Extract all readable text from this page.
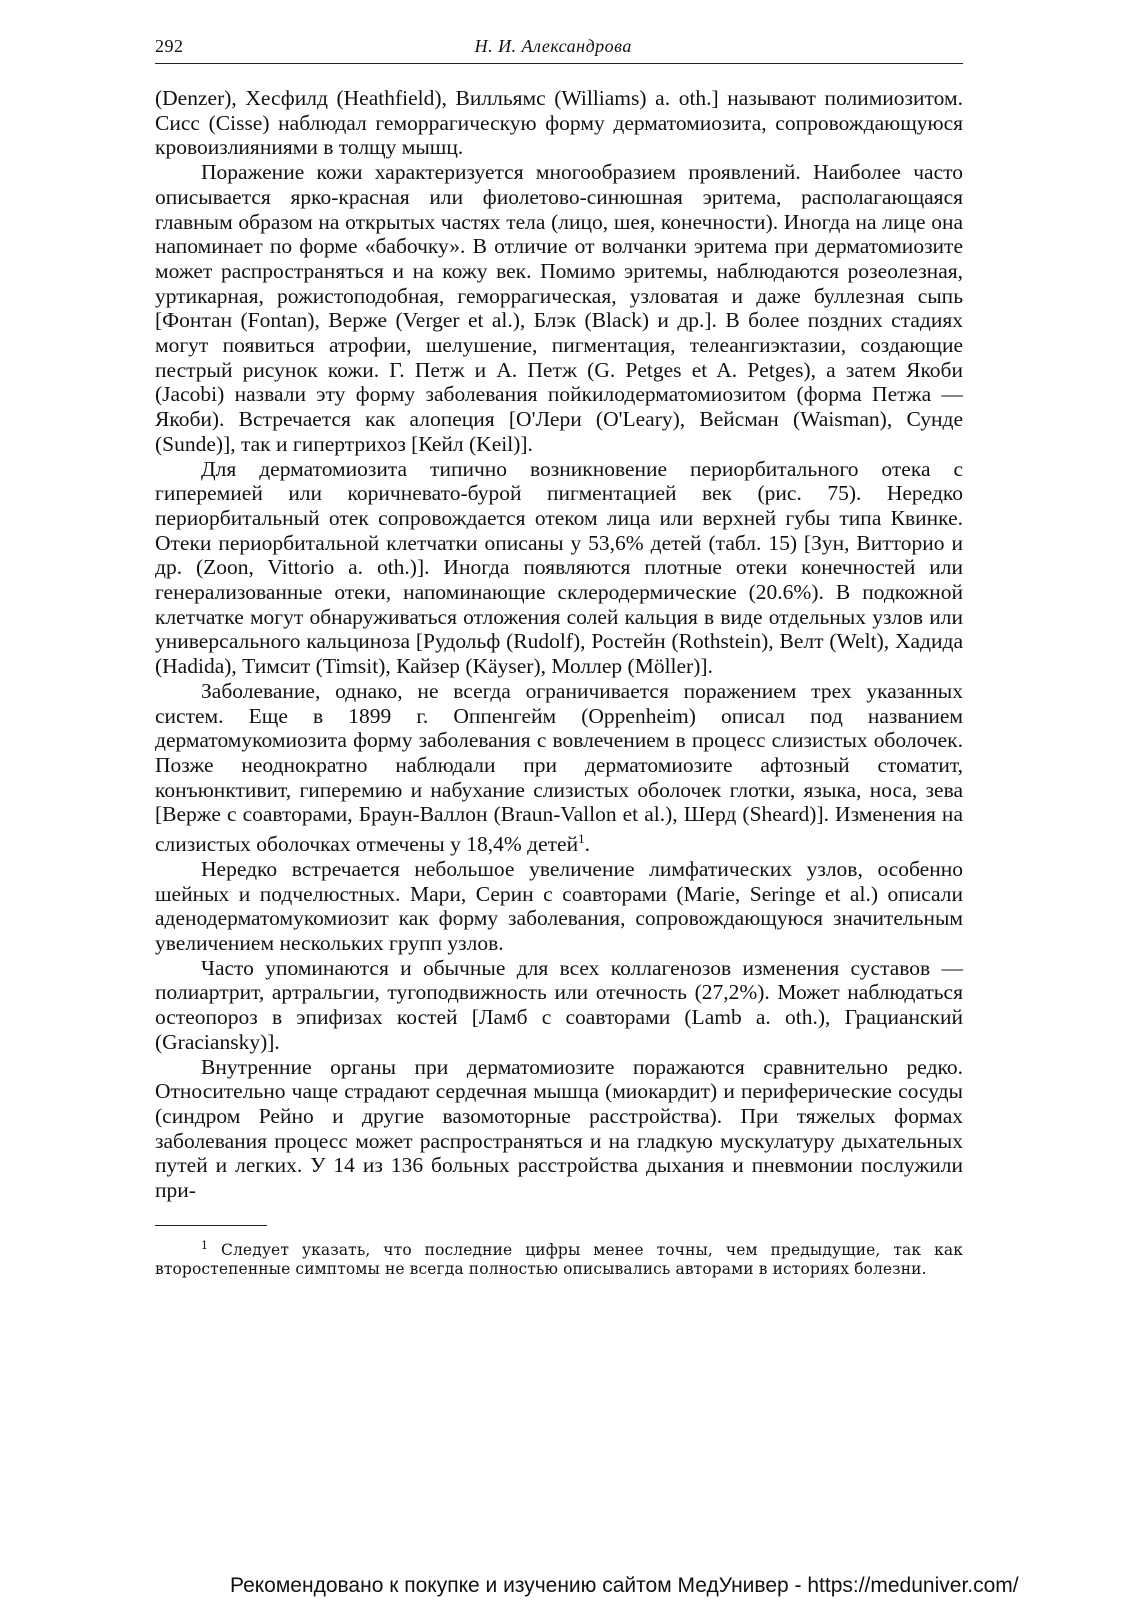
292	Н. И. Александрова

(Denzer), Хесфилд (Heathfield), Вилльямс (Williams) a. oth.] называют полимиозитом. Сисс (Cisse) наблюдал геморрагическую форму дерматомиозита, сопровождающуюся кровоизлияниями в толщу мышц.

Поражение кожи характеризуется многообразием проявлений. Наиболее часто описывается ярко-красная или фиолетово-синюшная эритема, располагающаяся главным образом на открытых частях тела (лицо, шея, конечности). Иногда на лице она напоминает по форме «бабочку». В отличие от волчанки эритема при дерматомиозите может распространяться и на кожу век. Помимо эритемы, наблюдаются розеолезная, уртикарная, рожистоподобная, геморрагическая, узловатая и даже буллезная сыпь [Фонтан (Fontan), Верже (Verger et al.), Блэк (Black) и др.]. В более поздних стадиях могут появиться атрофии, шелушение, пигментация, телеангиэктазии, создающие пестрый рисунок кожи. Г. Петж и А. Петж (G. Petges et A. Petges), а затем Якоби (Jacobi) назвали эту форму заболевания пойкилодерматомиозитом (форма Петжа — Якоби). Встречается как алопеция [О'Лери (O'Leary), Вейсман (Waisman), Сунде (Sunde)], так и гипертрихоз [Кейл (Keil)].

Для дерматомиозита типично возникновение периорбитального отека с гиперемией или коричневато-бурой пигментацией век (рис. 75). Нередко периорбитальный отек сопровождается отеком лица или верхней губы типа Квинке. Отеки периорбитальной клетчатки описаны у 53,6% детей (табл. 15) [Зун, Витторио и др. (Zoon, Vittorio a. oth.)]. Иногда появляются плотные отеки конечностей или генерализованные отеки, напоминающие склеродермические (20.6%). В подкожной клетчатке могут обнаруживаться отложения солей кальция в виде отдельных узлов или универсального кальциноза [Рудольф (Rudolf), Ростейн (Rothstein), Велт (Welt), Хадида (Hadida), Тимсит (Timsit), Кайзер (Käyser), Моллер (Möller)].

Заболевание, однако, не всегда ограничивается поражением трех указанных систем. Еще в 1899 г. Оппенгейм (Oppenheim) описал под названием дерматомукомиозита форму заболевания с вовлечением в процесс слизистых оболочек. Позже неоднократно наблюдали при дерматомиозите афтозный стоматит, конъюнктивит, гиперемию и набухание слизистых оболочек глотки, языка, носа, зева [Верже с соавторами, Браун-Валлон (Braun-Vallon et al.), Шерд (Sheard)]. Изменения на слизистых оболочках отмечены у 18,4% детей$^1$.

Нередко встречается небольшое увеличение лимфатических узлов, особенно шейных и подчелюстных. Мари, Серин с соавторами (Marie, Seringe et al.) описали аденодерматомукомиозит как форму заболевания, сопровождающуюся значительным увеличением нескольких групп узлов.

Часто упоминаются и обычные для всех коллагенозов изменения суставов — полиартрит, артральгии, тугоподвижность или отечность (27,2%). Может наблюдаться остеопороз в эпифизах костей [Ламб с соавторами (Lamb a. oth.), Грацианский (Graciansky)].

Внутренние органы при дерматомиозите поражаются сравнительно редко. Относительно чаще страдают сердечная мышца (миокардит) и периферические сосуды (синдром Рейно и другие вазомоторные расстройства). При тяжелых формах заболевания процесс может распространяться и на гладкую мускулатуру дыхательных путей и легких. У 14 из 136 больных расстройства дыхания и пневмонии послужили при-

$^1$ Следует указать, что последние цифры менее точны, чем предыдущие, так как второстепенные симптомы не всегда полностью описывались авторами в историях болезни.

Рекомендовано к покупке и изучению сайтом МедУнивер - https://meduniver.com/
